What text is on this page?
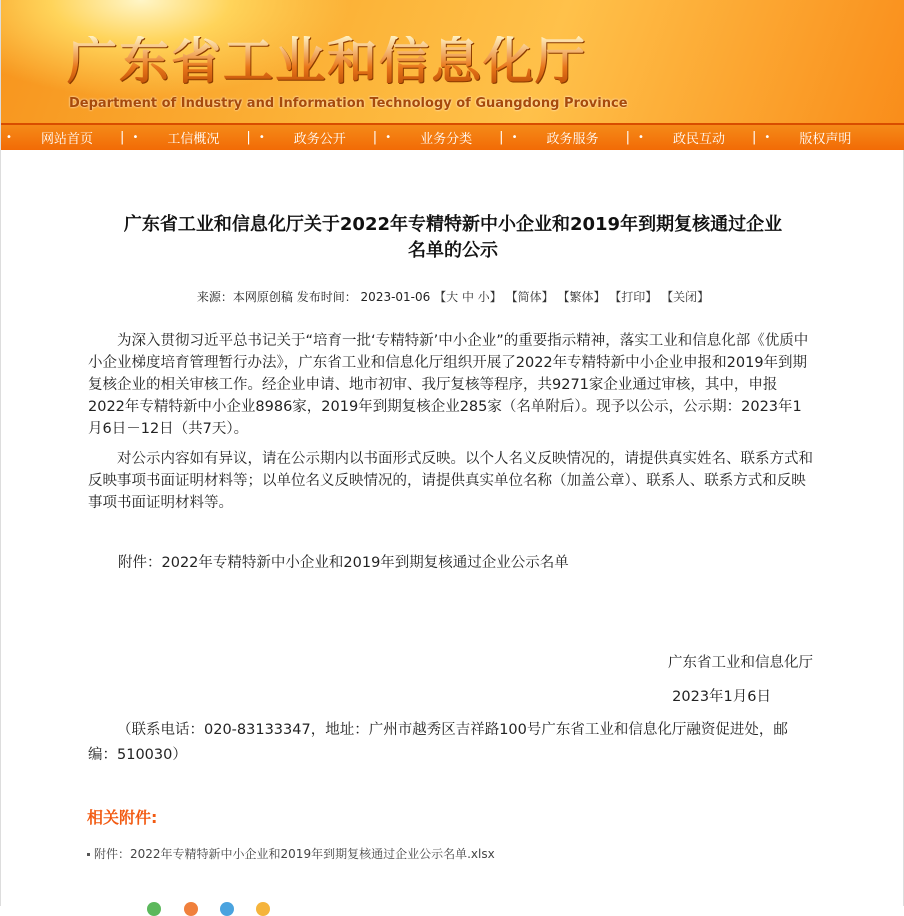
广东省工业和信息化厅
Department of Industry and Information Technology of Guangdong Province
•	网站首页	| •	工信概况	| •	政务公开	| •	业务分类	| •	政务服务	| •	政民互动	| •	版权声明
广东省工业和信息化厅关于2022年专精特新中小企业和2019年到期复核通过企业
名单的公示
来源：本网原创稿 发布时间： 2023-01-06 【大 中 小】 【简体】 【繁体】 【打印】 【关闭】

为深入贯彻习近平总书记关于“培育一批‘专精特新’中小企业”的重要指示精神，落实工业和信息化部《优质中小企业梯度培育管理暂行办法》，广东省工业和信息化厅组织开展了2022年专精特新中小企业申报和2019年到期复核企业的相关审核工作。经企业申请、地市初审、我厅复核等程序，共9271家企业通过审核，其中，申报2022年专精特新中小企业8986家，2019年到期复核企业285家（名单附后）。现予以公示，公示期：2023年1月6日－12日（共7天）。

对公示内容如有异议，请在公示期内以书面形式反映。以个人名义反映情况的，请提供真实姓名、联系方式和反映事项书面证明材料等；以单位名义反映情况的，请提供真实单位名称（加盖公章）、联系人、联系方式和反映事项书面证明材料等。

附件：2022年专精特新中小企业和2019年到期复核通过企业公示名单
广东省工业和信息化厅
2023年1月6日
（联系电话：020-83133347，地址：广州市越秀区吉祥路100号广东省工业和信息化厅融资促进处，邮编：510030）
相关附件:
附件：2022年专精特新中小企业和2019年到期复核通过企业公示名单.xlsx
